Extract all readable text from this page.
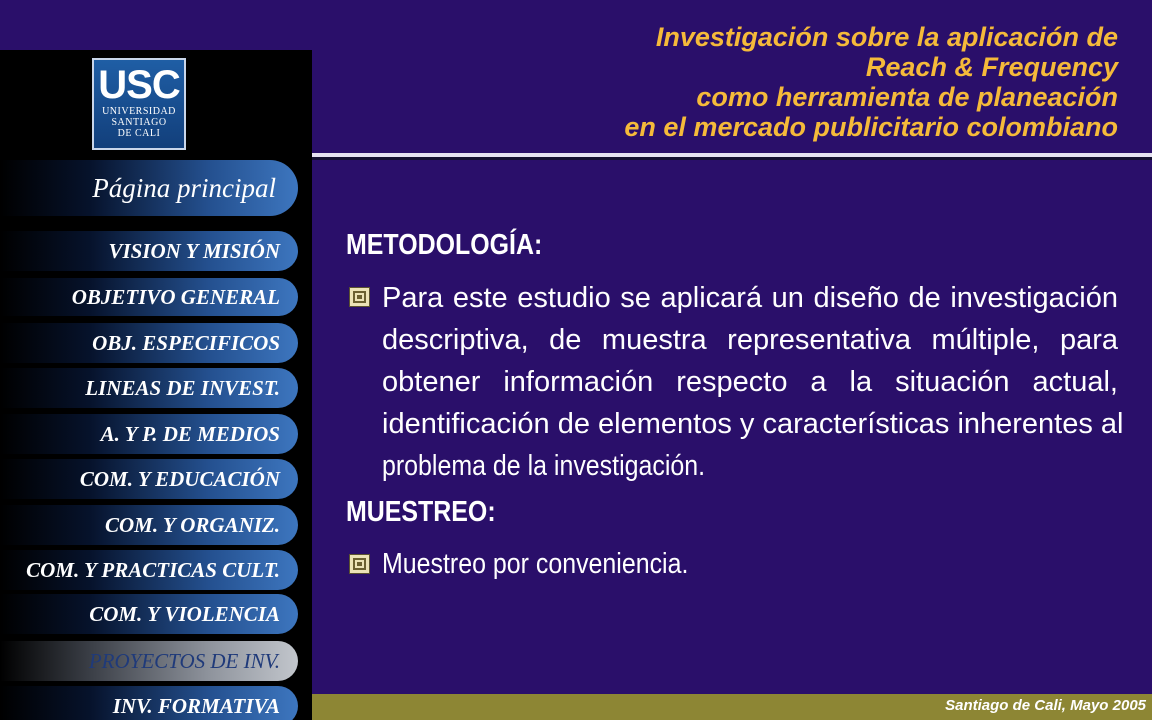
USC
UNIVERSIDAD
SANTIAGO
DE CALI
Página principal
VISION Y MISIÓN
OBJETIVO GENERAL
OBJ. ESPECIFICOS
LINEAS DE INVEST.
A. Y P. DE MEDIOS
COM. Y EDUCACIÓN
COM. Y ORGANIZ.
COM. Y PRACTICAS CULT.
COM. Y VIOLENCIA
PROYECTOS DE INV.
INV. FORMATIVA
Investigación sobre la aplicación de
Reach & Frequency
como herramienta de planeación
en el mercado publicitario colombiano
METODOLOGÍA:
Para este estudio se aplicará un diseño de investigación
descriptiva, de muestra representativa múltiple, para
obtener información respecto a la situación actual,
identificación de elementos y características inherentes al
problema de la investigación.
MUESTREO:
Muestreo por conveniencia.
Santiago de Cali, Mayo 2005
